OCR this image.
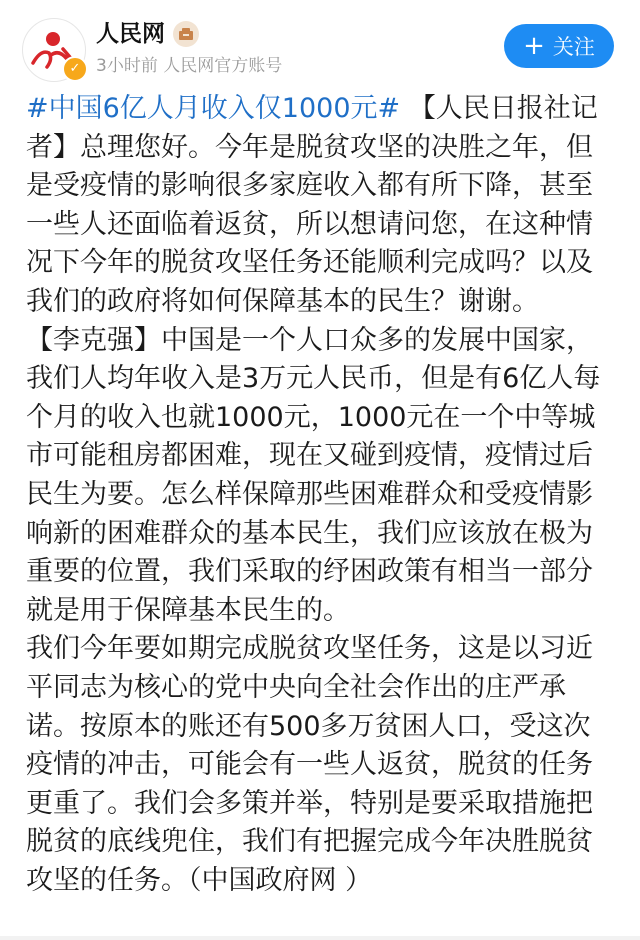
✓
人民网
3小时前 人民网官方账号
+ 关注

#中国6亿人月收入仅1000元# 【人民日报社记者】总理您好。今年是脱贫攻坚的决胜之年，但是受疫情的影响很多家庭收入都有所下降，甚至一些人还面临着返贫，所以想请问您，在这种情况下今年的脱贫攻坚任务还能顺利完成吗？以及我们的政府将如何保障基本的民生？谢谢。

【李克强】中国是一个人口众多的发展中国家，我们人均年收入是3万元人民币，但是有6亿人每个月的收入也就1000元，1000元在一个中等城市可能租房都困难，现在又碰到疫情，疫情过后民生为要。怎么样保障那些困难群众和受疫情影响新的困难群众的基本民生，我们应该放在极为重要的位置，我们采取的纾困政策有相当一部分就是用于保障基本民生的。

我们今年要如期完成脱贫攻坚任务，这是以习近平同志为核心的党中央向全社会作出的庄严承诺。按原本的账还有500多万贫困人口，受这次疫情的冲击，可能会有一些人返贫，脱贫的任务更重了。我们会多策并举，特别是要采取措施把脱贫的底线兜住，我们有把握完成今年决胜脱贫攻坚的任务。（中国政府网 ）
